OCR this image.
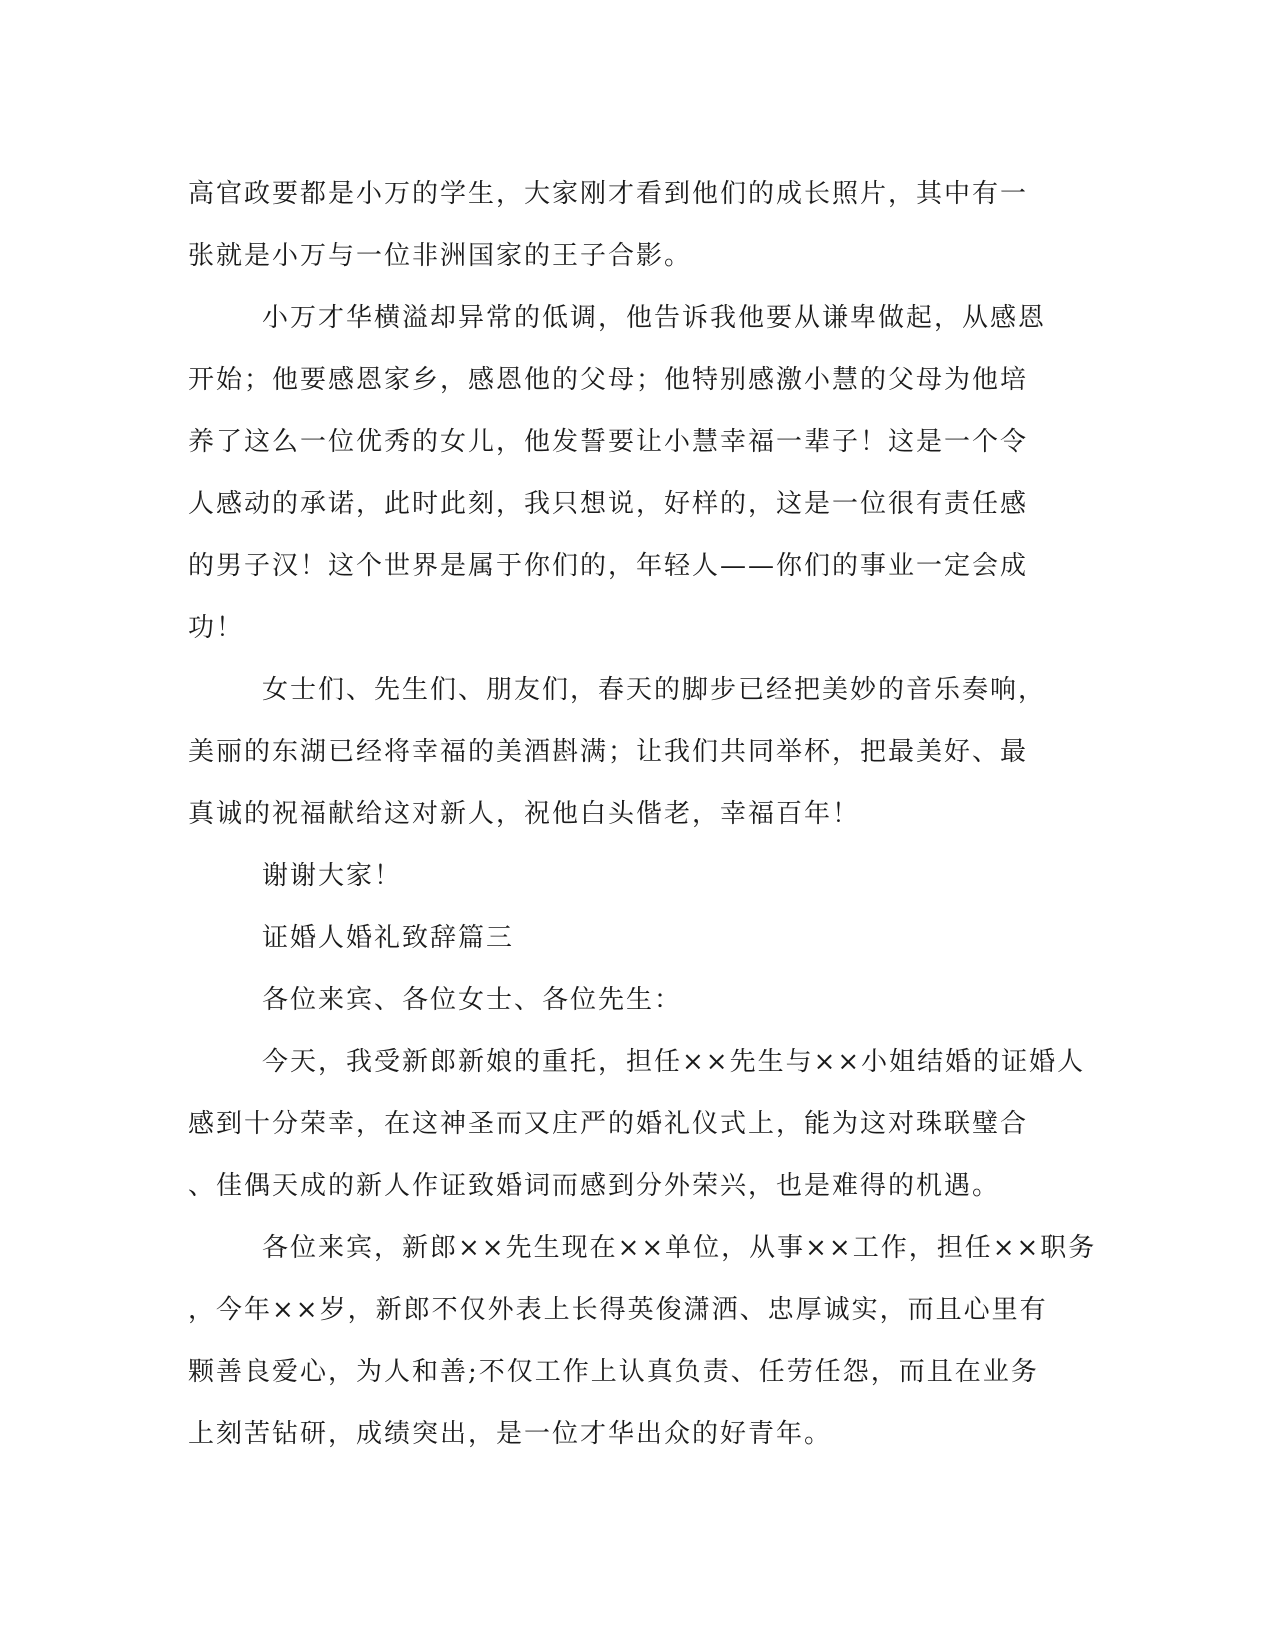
高官政要都是小万的学生，大家刚才看到他们的成长照片，其中有一
张就是小万与一位非洲国家的王子合影。
小万才华横溢却异常的低调，他告诉我他要从谦卑做起，从感恩
开始；他要感恩家乡，感恩他的父母；他特别感激小慧的父母为他培
养了这么一位优秀的女儿，他发誓要让小慧幸福一辈子！这是一个令
人感动的承诺，此时此刻，我只想说，好样的，这是一位很有责任感
的男子汉！这个世界是属于你们的，年轻人——你们的事业一定会成
功！
女士们、先生们、朋友们，春天的脚步已经把美妙的音乐奏响，
美丽的东湖已经将幸福的美酒斟满；让我们共同举杯，把最美好、最
真诚的祝福献给这对新人，祝他白头偕老，幸福百年！
谢谢大家！
证婚人婚礼致辞篇三
各位来宾、各位女士、各位先生：
今天，我受新郎新娘的重托，担任××先生与××小姐结婚的证婚人
感到十分荣幸，在这神圣而又庄严的婚礼仪式上，能为这对珠联璧合
、佳偶天成的新人作证致婚词而感到分外荣兴，也是难得的机遇。
各位来宾，新郎××先生现在××单位，从事××工作，担任××职务
，今年××岁，新郎不仅外表上长得英俊潇洒、忠厚诚实，而且心里有
颗善良爱心，为人和善;不仅工作上认真负责、任劳任怨，而且在业务
上刻苦钻研，成绩突出，是一位才华出众的好青年。
